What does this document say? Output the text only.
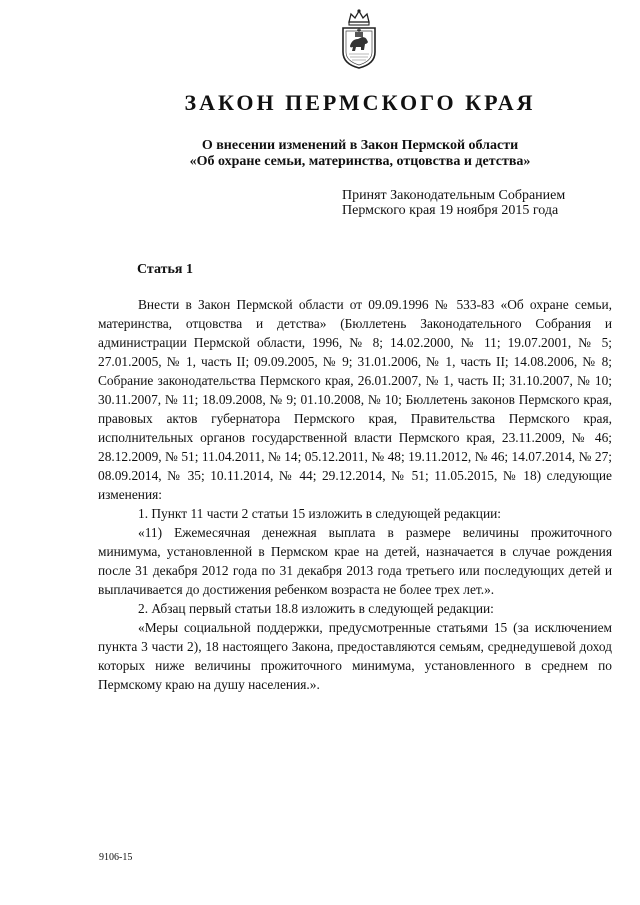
ЗАКОН ПЕРМСКОГО КРАЯ
О внесении изменений в Закон Пермской области
«Об охране семьи, материнства, отцовства и детства»
Принят Законодательным Собранием
Пермского края 19 ноября 2015 года
Статья 1

Внести в Закон Пермской области от 09.09.1996 № 533-83 «Об охране семьи, материнства, отцовства и детства» (Бюллетень Законодательного Собрания и администрации Пермской области, 1996, № 8; 14.02.2000, № 11; 19.07.2001, № 5; 27.01.2005, № 1, часть II; 09.09.2005, № 9; 31.01.2006, № 1, часть II; 14.08.2006, № 8; Собрание законодательства Пермского края, 26.01.2007, № 1, часть II; 31.10.2007, № 10; 30.11.2007, № 11; 18.09.2008, № 9; 01.10.2008, № 10; Бюллетень законов Пермского края, правовых актов губернатора Пермского края, Правительства Пермского края, исполнительных органов государственной власти Пермского края, 23.11.2009, № 46; 28.12.2009, № 51; 11.04.2011, № 14; 05.12.2011, № 48; 19.11.2012, № 46; 14.07.2014, № 27; 08.09.2014, № 35; 10.11.2014, № 44; 29.12.2014, № 51; 11.05.2015, № 18) следующие изменения:

1. Пункт 11 части 2 статьи 15 изложить в следующей редакции:

«11) Ежемесячная денежная выплата в размере величины прожиточного минимума, установленной в Пермском крае на детей, назначается в случае рождения после 31 декабря 2012 года по 31 декабря 2013 года третьего или последующих детей и выплачивается до достижения ребенком возраста не более трех лет.».

2. Абзац первый статьи 18.8 изложить в следующей редакции:

«Меры социальной поддержки, предусмотренные статьями 15 (за исключением пункта 3 части 2), 18 настоящего Закона, предоставляются семьям, среднедушевой доход которых ниже величины прожиточного минимума, установленного в среднем по Пермскому краю на душу населения.».

9106-15
